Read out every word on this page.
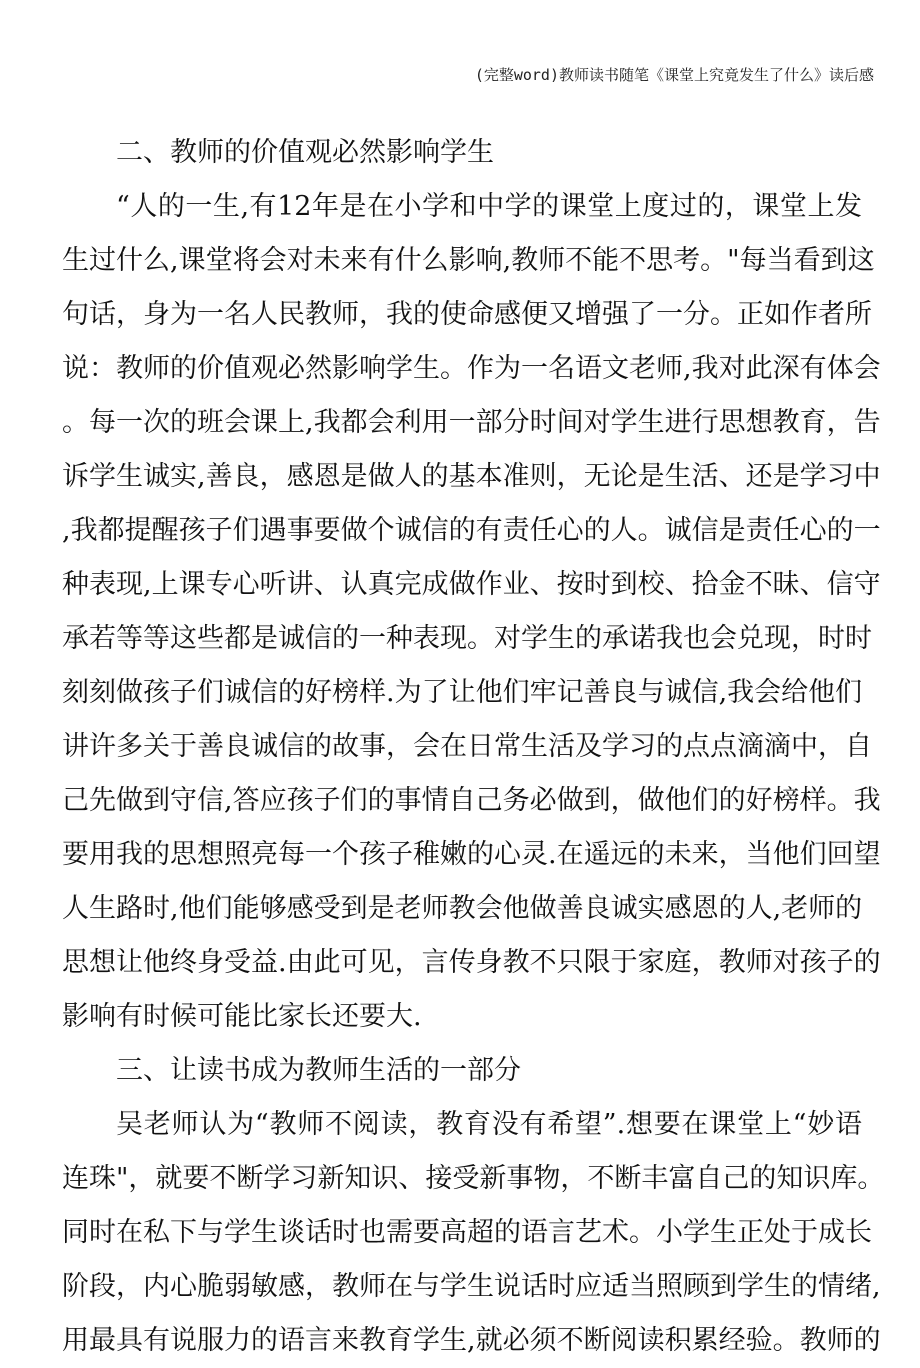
(完整word)教师读书随笔《课堂上究竟发生了什么》读后感
二、教师的价值观必然影响学生
“人的一生,有12年是在小学和中学的课堂上度过的，课堂上发
生过什么,课堂将会对未来有什么影响,教师不能不思考。"每当看到这
句话，身为一名人民教师，我的使命感便又增强了一分。正如作者所
说：教师的价值观必然影响学生。作为一名语文老师,我对此深有体会
。每一次的班会课上,我都会利用一部分时间对学生进行思想教育，告
诉学生诚实,善良，感恩是做人的基本准则，无论是生活、还是学习中
,我都提醒孩子们遇事要做个诚信的有责任心的人。诚信是责任心的一
种表现,上课专心听讲、认真完成做作业、按时到校、拾金不昧、信守
承若等等这些都是诚信的一种表现。对学生的承诺我也会兑现，时时
刻刻做孩子们诚信的好榜样.为了让他们牢记善良与诚信,我会给他们
讲许多关于善良诚信的故事，会在日常生活及学习的点点滴滴中，自
己先做到守信,答应孩子们的事情自己务必做到，做他们的好榜样。我
要用我的思想照亮每一个孩子稚嫩的心灵.在遥远的未来，当他们回望
人生路时,他们能够感受到是老师教会他做善良诚实感恩的人,老师的
思想让他终身受益.由此可见，言传身教不只限于家庭，教师对孩子的
影响有时候可能比家长还要大.
三、让读书成为教师生活的一部分
吴老师认为“教师不阅读，教育没有希望”.想要在课堂上“妙语
连珠"，就要不断学习新知识、接受新事物，不断丰富自己的知识库。
同时在私下与学生谈话时也需要高超的语言艺术。小学生正处于成长
阶段，内心脆弱敏感，教师在与学生说话时应适当照顾到学生的情绪,
用最具有说服力的语言来教育学生,就必须不断阅读积累经验。教师的
